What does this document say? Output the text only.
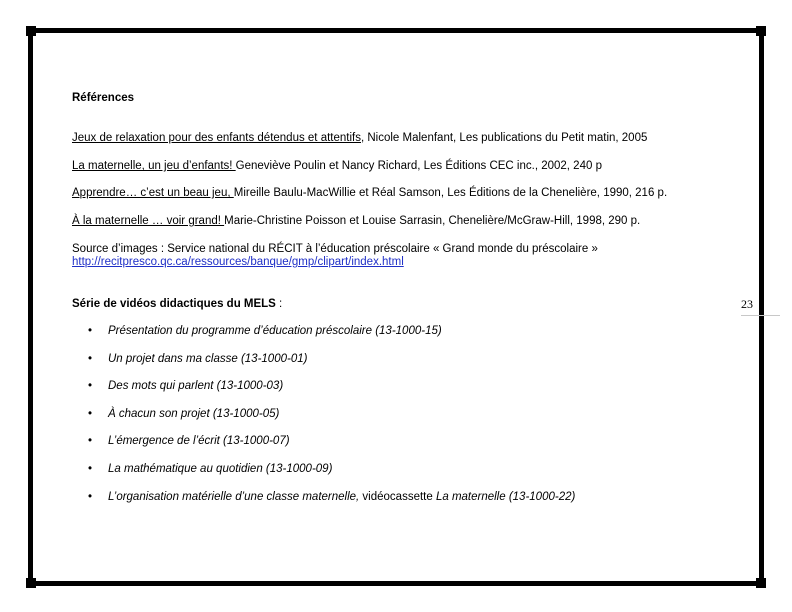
Références
Jeux de relaxation pour des enfants détendus et attentifs, Nicole Malenfant, Les publications du Petit matin, 2005
La maternelle, un jeu d’enfants! Geneviève Poulin et Nancy Richard, Les Éditions CEC inc., 2002, 240 p
Apprendre… c’est un beau jeu, Mireille Baulu-MacWillie et Réal Samson, Les Éditions de la Chenelière, 1990, 216 p.
À la maternelle … voir grand! Marie-Christine Poisson et Louise Sarrasin, Chenelière/McGraw-Hill, 1998, 290 p.
Source d’images : Service national du RÉCIT à l’éducation préscolaire « Grand monde du préscolaire »
http://recitpresco.qc.ca/ressources/banque/gmp/clipart/index.html
Série de vidéos didactiques du MELS :
• Présentation du programme d’éducation préscolaire (13-1000-15)
• Un projet dans ma classe (13-1000-01)
• Des mots qui parlent (13-1000-03)
• À chacun son projet (13-1000-05)
• L’émergence de l’écrit (13-1000-07)
• La mathématique au quotidien (13-1000-09)
• L’organisation matérielle d’une classe maternelle, vidéocassette La maternelle (13-1000-22)
23
